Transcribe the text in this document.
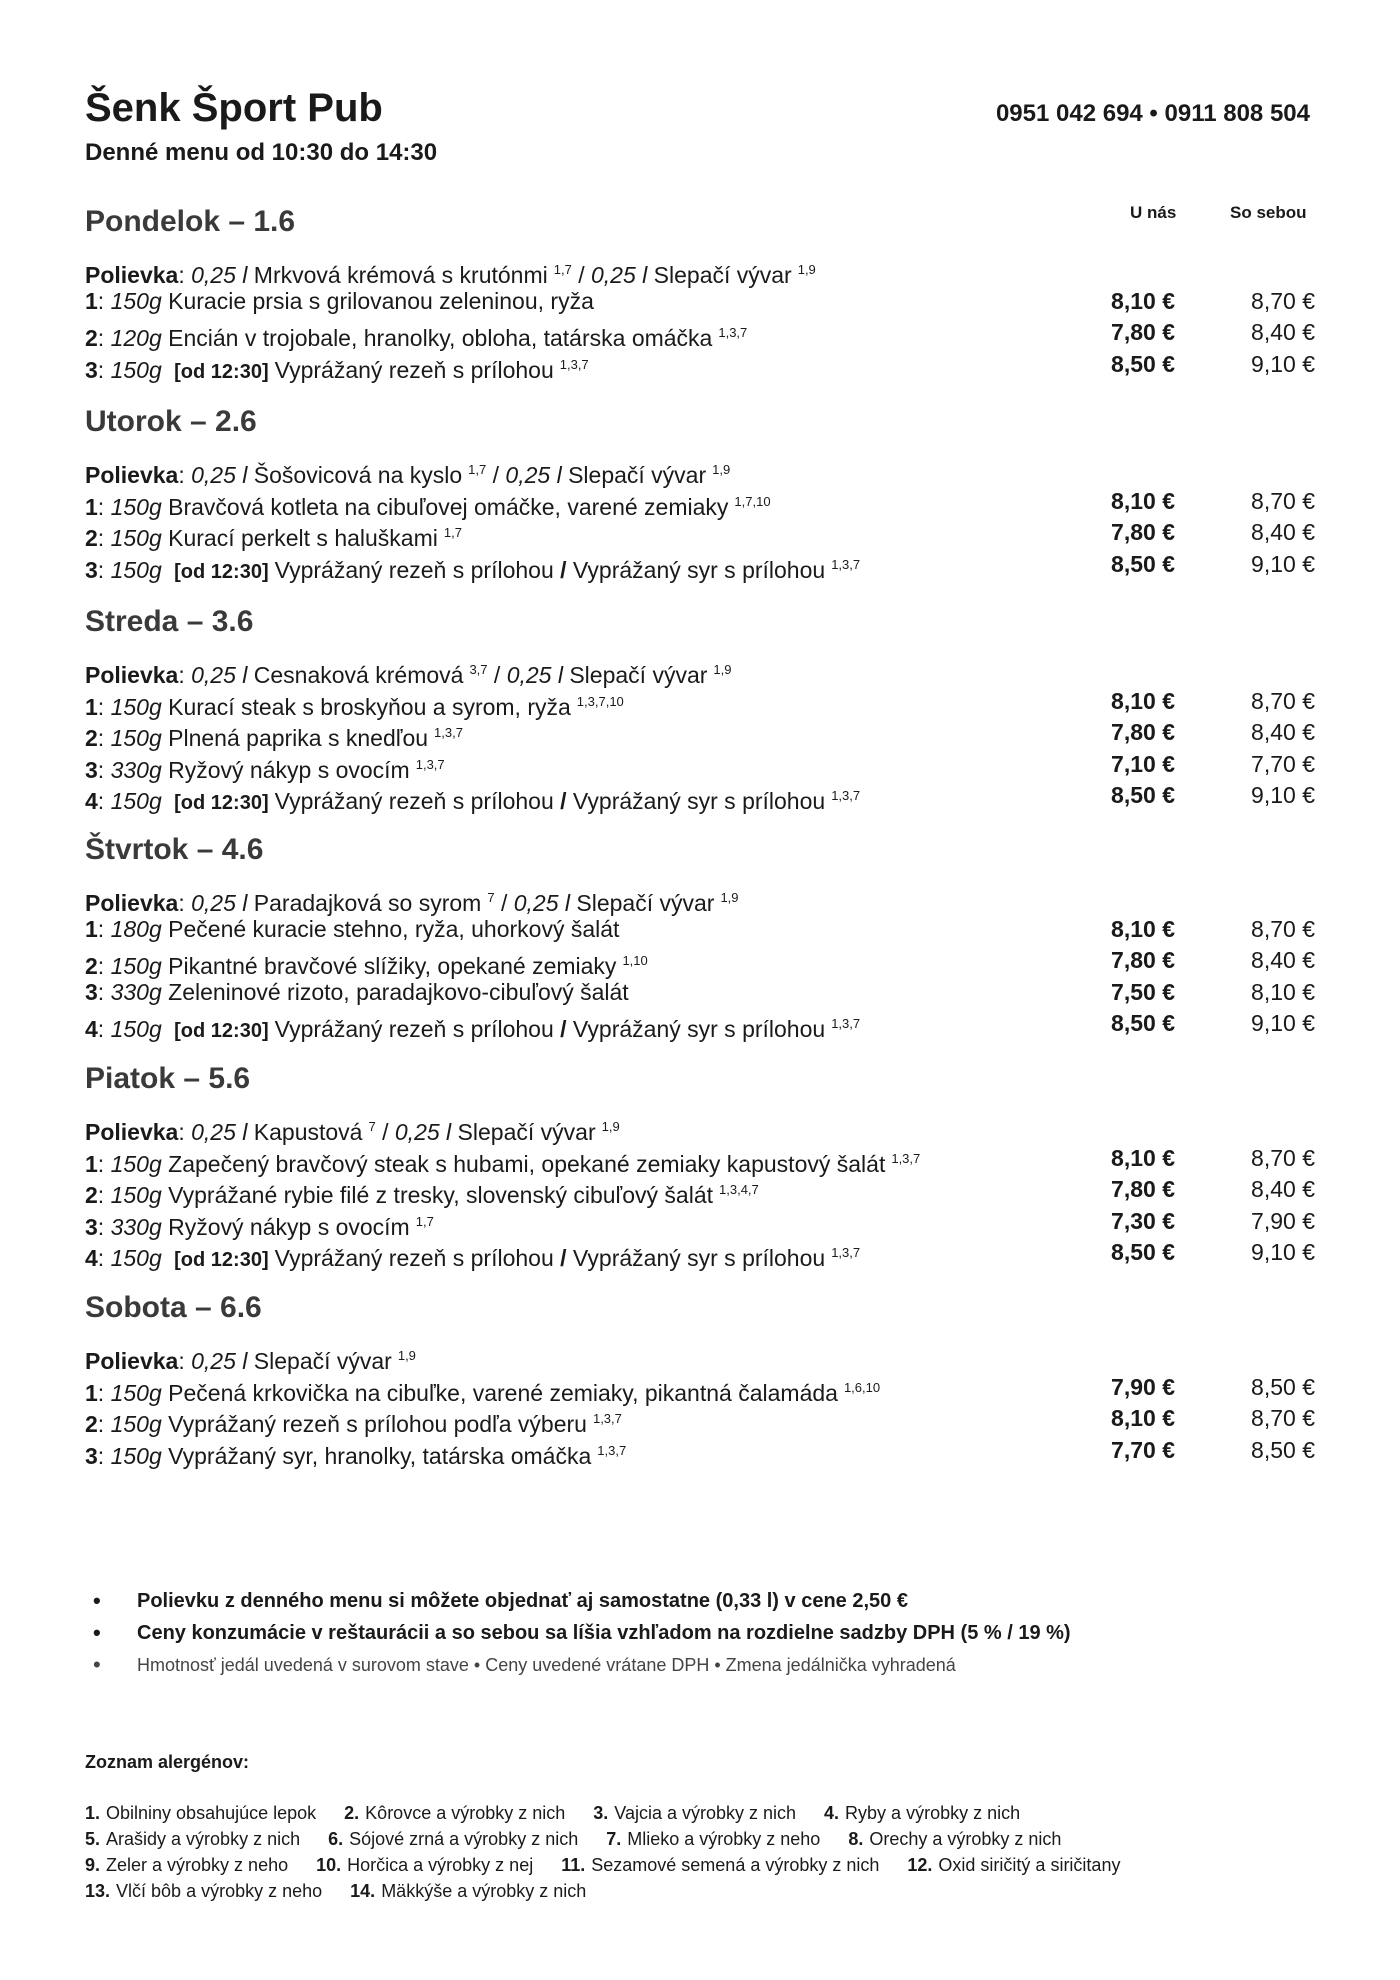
Šenk Šport Pub
Denné menu od 10:30 do 14:30
0951 042 694 • 0911 808 504
U nás	So sebou
Pondelok – 1.6
Polievka: 0,25 l Mrkvová krémová s krutónmi $^{1,7}$ / 0,25 l Slepačí vývar $^{1,9}$
1: 150g Kuracie prsia s grilovanou zeleninou, ryža	8,10 €	8,70 €
2: 120g Encián v trojobale, hranolky, obloha, tatárska omáčka $^{1,3,7}$	7,80 €	8,40 €
3: 150g [od 12:30] Vyprážaný rezeň s prílohou $^{1,3,7}$	8,50 €	9,10 €
Utorok – 2.6
Polievka: 0,25 l Šošovicová na kyslo $^{1,7}$ / 0,25 l Slepačí vývar $^{1,9}$
1: 150g Bravčová kotleta na cibuľovej omáčke, varené zemiaky $^{1,7,10}$	8,10 €	8,70 €
2: 150g Kurací perkelt s haluškami $^{1,7}$	7,80 €	8,40 €
3: 150g [od 12:30] Vyprážaný rezeň s prílohou / Vyprážaný syr s prílohou $^{1,3,7}$	8,50 €	9,10 €
Streda – 3.6
Polievka: 0,25 l Cesnaková krémová $^{3,7}$ / 0,25 l Slepačí vývar $^{1,9}$
1: 150g Kurací steak s broskyňou a syrom, ryža $^{1,3,7,10}$	8,10 €	8,70 €
2: 150g Plnená paprika s knedľou $^{1,3,7}$	7,80 €	8,40 €
3: 330g Ryžový nákyp s ovocím $^{1,3,7}$	7,10 €	7,70 €
4: 150g [od 12:30] Vyprážaný rezeň s prílohou / Vyprážaný syr s prílohou $^{1,3,7}$	8,50 €	9,10 €
Štvrtok – 4.6
Polievka: 0,25 l Paradajková so syrom $^7$ / 0,25 l Slepačí vývar $^{1,9}$
1: 180g Pečené kuracie stehno, ryža, uhorkový šalát	8,10 €	8,70 €
2: 150g Pikantné bravčové slížiky, opekané zemiaky $^{1,10}$	7,80 €	8,40 €
3: 330g Zeleninové rizoto, paradajkovo-cibuľový šalát	7,50 €	8,10 €
4: 150g [od 12:30] Vyprážaný rezeň s prílohou / Vyprážaný syr s prílohou $^{1,3,7}$	8,50 €	9,10 €
Piatok – 5.6
Polievka: 0,25 l Kapustová $^7$ / 0,25 l Slepačí vývar $^{1,9}$
1: 150g Zapečený bravčový steak s hubami, opekané zemiaky kapustový šalát $^{1,3,7}$	8,10 €	8,70 €
2: 150g Vyprážané rybie filé z tresky, slovenský cibuľový šalát $^{1,3,4,7}$	7,80 €	8,40 €
3: 330g Ryžový nákyp s ovocím $^{1,7}$	7,30 €	7,90 €
4: 150g [od 12:30] Vyprážaný rezeň s prílohou / Vyprážaný syr s prílohou $^{1,3,7}$	8,50 €	9,10 €
Sobota – 6.6
Polievka: 0,25 l Slepačí vývar $^{1,9}$
1: 150g Pečená krkovička na cibuľke, varené zemiaky, pikantná čalamáda $^{1,6,10}$	7,90 €	8,50 €
2: 150g Vyprážaný rezeň s prílohou podľa výberu $^{1,3,7}$	8,10 €	8,70 €
3: 150g Vyprážaný syr, hranolky, tatárska omáčka $^{1,3,7}$	7,70 €	8,50 €
• Polievku z denného menu si môžete objednať aj samostatne (0,33 l) v cene 2,50 €
• Ceny konzumácie v reštaurácii a so sebou sa líšia vzhľadom na rozdielne sadzby DPH (5 % / 19 %)
• Hmotnosť jedál uvedená v surovom stave • Ceny uvedené vrátane DPH • Zmena jedálnička vyhradená
Zoznam alergénov:
1. Obilniny obsahujúce lepok 2. Kôrovce a výrobky z nich 3. Vajcia a výrobky z nich 4. Ryby a výrobky z nich
5. Arašidy a výrobky z nich 6. Sójové zrná a výrobky z nich 7. Mlieko a výrobky z neho 8. Orechy a výrobky z nich
9. Zeler a výrobky z neho 10. Horčica a výrobky z nej 11. Sezamové semená a výrobky z nich 12. Oxid siričitý a siričitany
13. Vlčí bôb a výrobky z neho 14. Mäkkýše a výrobky z nich
